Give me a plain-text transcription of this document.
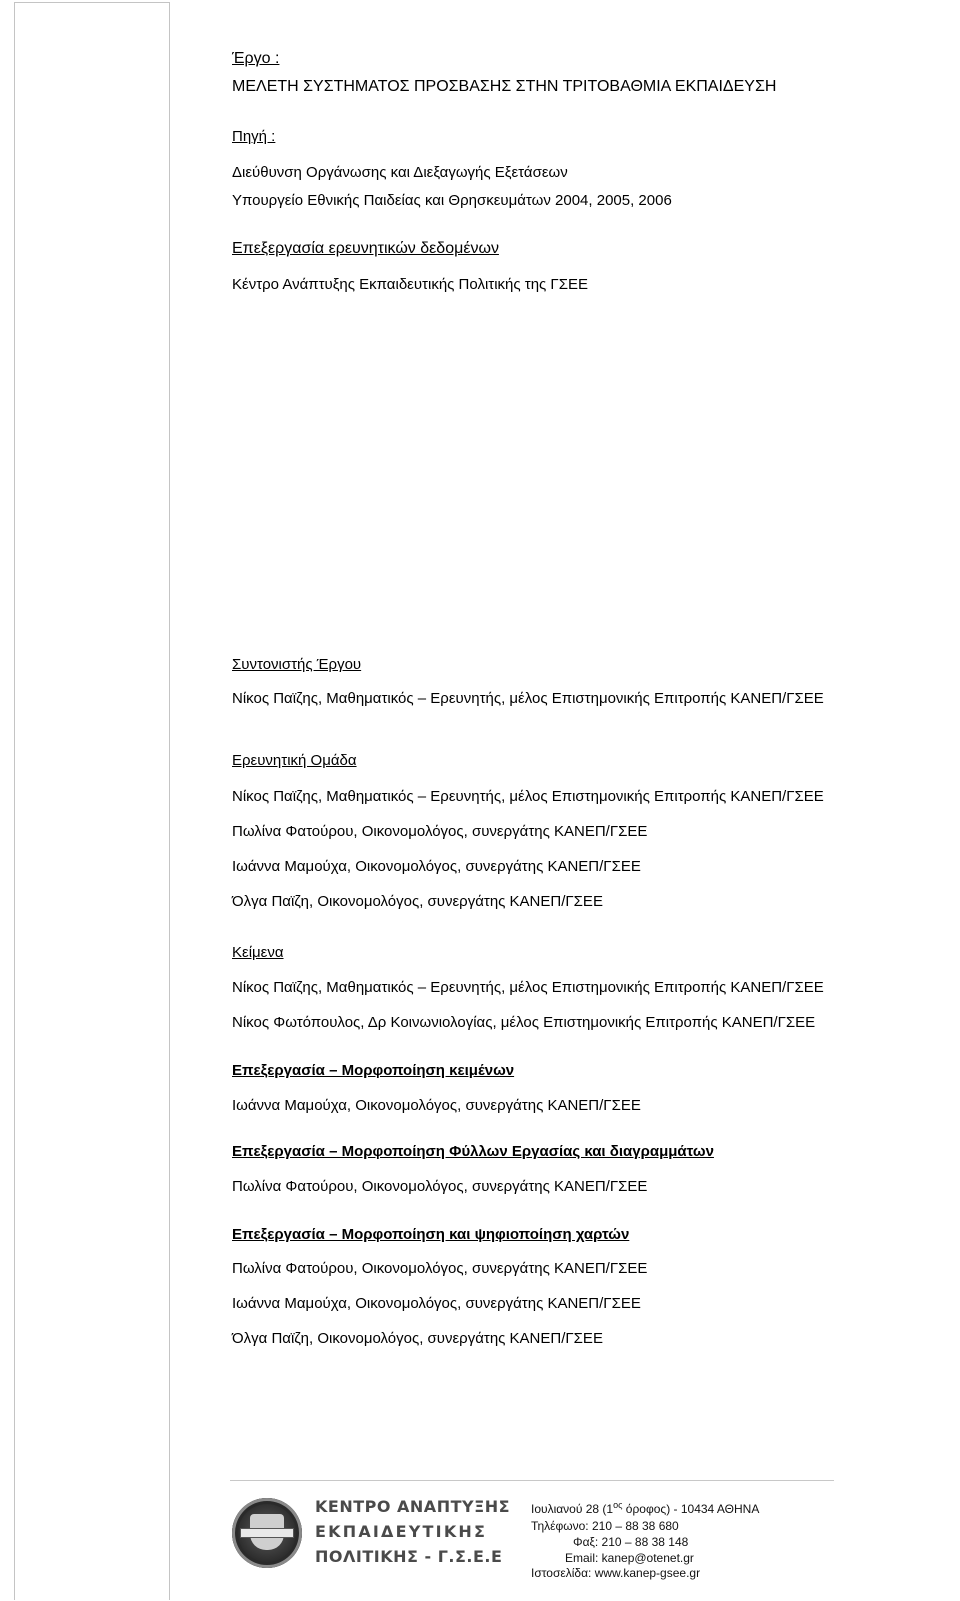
Έργο :
ΜΕΛΕΤΗ ΣΥΣΤΗΜΑΤΟΣ ΠΡΟΣΒΑΣΗΣ ΣΤΗΝ ΤΡΙΤΟΒΑΘΜΙΑ ΕΚΠΑΙΔΕΥΣΗ
Πηγή :
Διεύθυνση Οργάνωσης και Διεξαγωγής Εξετάσεων
Υπουργείο Εθνικής Παιδείας και Θρησκευμάτων 2004, 2005, 2006
Επεξεργασία ερευνητικών δεδομένων
Κέντρο Ανάπτυξης Εκπαιδευτικής Πολιτικής της ΓΣΕΕ
Συντονιστής Έργου
Νίκος Παϊζης, Μαθηματικός – Ερευνητής, μέλος Επιστημονικής Επιτροπής ΚΑΝΕΠ/ΓΣΕΕ
Ερευνητική Ομάδα
Νίκος Παϊζης, Μαθηματικός – Ερευνητής, μέλος Επιστημονικής Επιτροπής ΚΑΝΕΠ/ΓΣΕΕ
Πωλίνα Φατούρου, Οικονομολόγος, συνεργάτης ΚΑΝΕΠ/ΓΣΕΕ
Ιωάννα Μαμούχα, Οικονομολόγος, συνεργάτης ΚΑΝΕΠ/ΓΣΕΕ
Όλγα Παϊζη, Οικονομολόγος, συνεργάτης ΚΑΝΕΠ/ΓΣΕΕ
Κείμενα
Νίκος Παϊζης, Μαθηματικός – Ερευνητής, μέλος Επιστημονικής Επιτροπής ΚΑΝΕΠ/ΓΣΕΕ
Νίκος Φωτόπουλος, Δρ Κοινωνιολογίας, μέλος Επιστημονικής Επιτροπής ΚΑΝΕΠ/ΓΣΕΕ
Επεξεργασία – Μορφοποίηση κειμένων
Ιωάννα Μαμούχα, Οικονομολόγος, συνεργάτης ΚΑΝΕΠ/ΓΣΕΕ
Επεξεργασία – Μορφοποίηση Φύλλων Εργασίας και διαγραμμάτων
Πωλίνα Φατούρου, Οικονομολόγος, συνεργάτης ΚΑΝΕΠ/ΓΣΕΕ
Επεξεργασία – Μορφοποίηση και ψηφιοποίηση χαρτών
Πωλίνα Φατούρου, Οικονομολόγος, συνεργάτης ΚΑΝΕΠ/ΓΣΕΕ
Ιωάννα Μαμούχα, Οικονομολόγος, συνεργάτης ΚΑΝΕΠ/ΓΣΕΕ
Όλγα Παϊζη, Οικονομολόγος, συνεργάτης ΚΑΝΕΠ/ΓΣΕΕ
ΚΕΝΤΡΟ ΑΝΑΠΤΥΞΗΣ
ΕΚΠΑΙΔΕΥΤΙΚΗΣ
ΠΟΛΙΤΙΚΗΣ - Γ.Σ.Ε.Ε
Ιουλιανού 28 ($1^{o\varsigma}$ όροφος) - 10434 ΑΘΗΝΑ
Τηλέφωνο: 210 – 88 38 680
Φαξ: 210 – 88 38 148
Email: kanep@otenet.gr
Ιστοσελίδα: www.kanep-gsee.gr
